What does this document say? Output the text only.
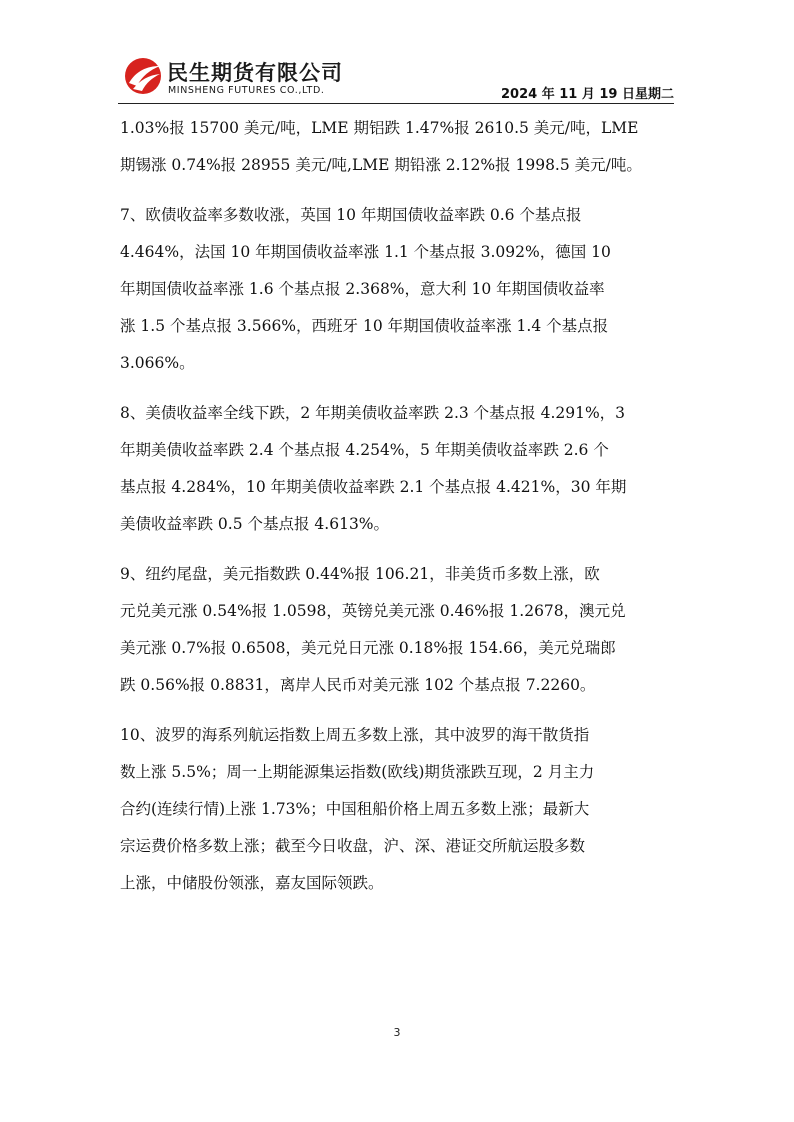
民生期货有限公司
MINSHENG FUTURES CO.,LTD.	2024 年 11 月 19 日星期二
1.03%报 15700 美元/吨，LME 期铝跌 1.47%报 2610.5 美元/吨，LME
期锡涨 0.74%报 28955 美元/吨,LME 期铅涨 2.12%报 1998.5 美元/吨。
7、欧债收益率多数收涨，英国 10 年期国债收益率跌 0.6 个基点报
4.464%，法国 10 年期国债收益率涨 1.1 个基点报 3.092%，德国 10
年期国债收益率涨 1.6 个基点报 2.368%，意大利 10 年期国债收益率
涨 1.5 个基点报 3.566%，西班牙 10 年期国债收益率涨 1.4 个基点报
3.066%。
8、美债收益率全线下跌，2 年期美债收益率跌 2.3 个基点报 4.291%，3
年期美债收益率跌 2.4 个基点报 4.254%，5 年期美债收益率跌 2.6 个
基点报 4.284%，10 年期美债收益率跌 2.1 个基点报 4.421%，30 年期
美债收益率跌 0.5 个基点报 4.613%。
9、纽约尾盘，美元指数跌 0.44%报 106.21，非美货币多数上涨，欧
元兑美元涨 0.54%报 1.0598，英镑兑美元涨 0.46%报 1.2678，澳元兑
美元涨 0.7%报 0.6508，美元兑日元涨 0.18%报 154.66，美元兑瑞郎
跌 0.56%报 0.8831，离岸人民币对美元涨 102 个基点报 7.2260。
10、波罗的海系列航运指数上周五多数上涨，其中波罗的海干散货指
数上涨 5.5%；周一上期能源集运指数(欧线)期货涨跌互现，2 月主力
合约(连续行情)上涨 1.73%；中国租船价格上周五多数上涨；最新大
宗运费价格多数上涨；截至今日收盘，沪、深、港证交所航运股多数
上涨，中储股份领涨，嘉友国际领跌。
3
